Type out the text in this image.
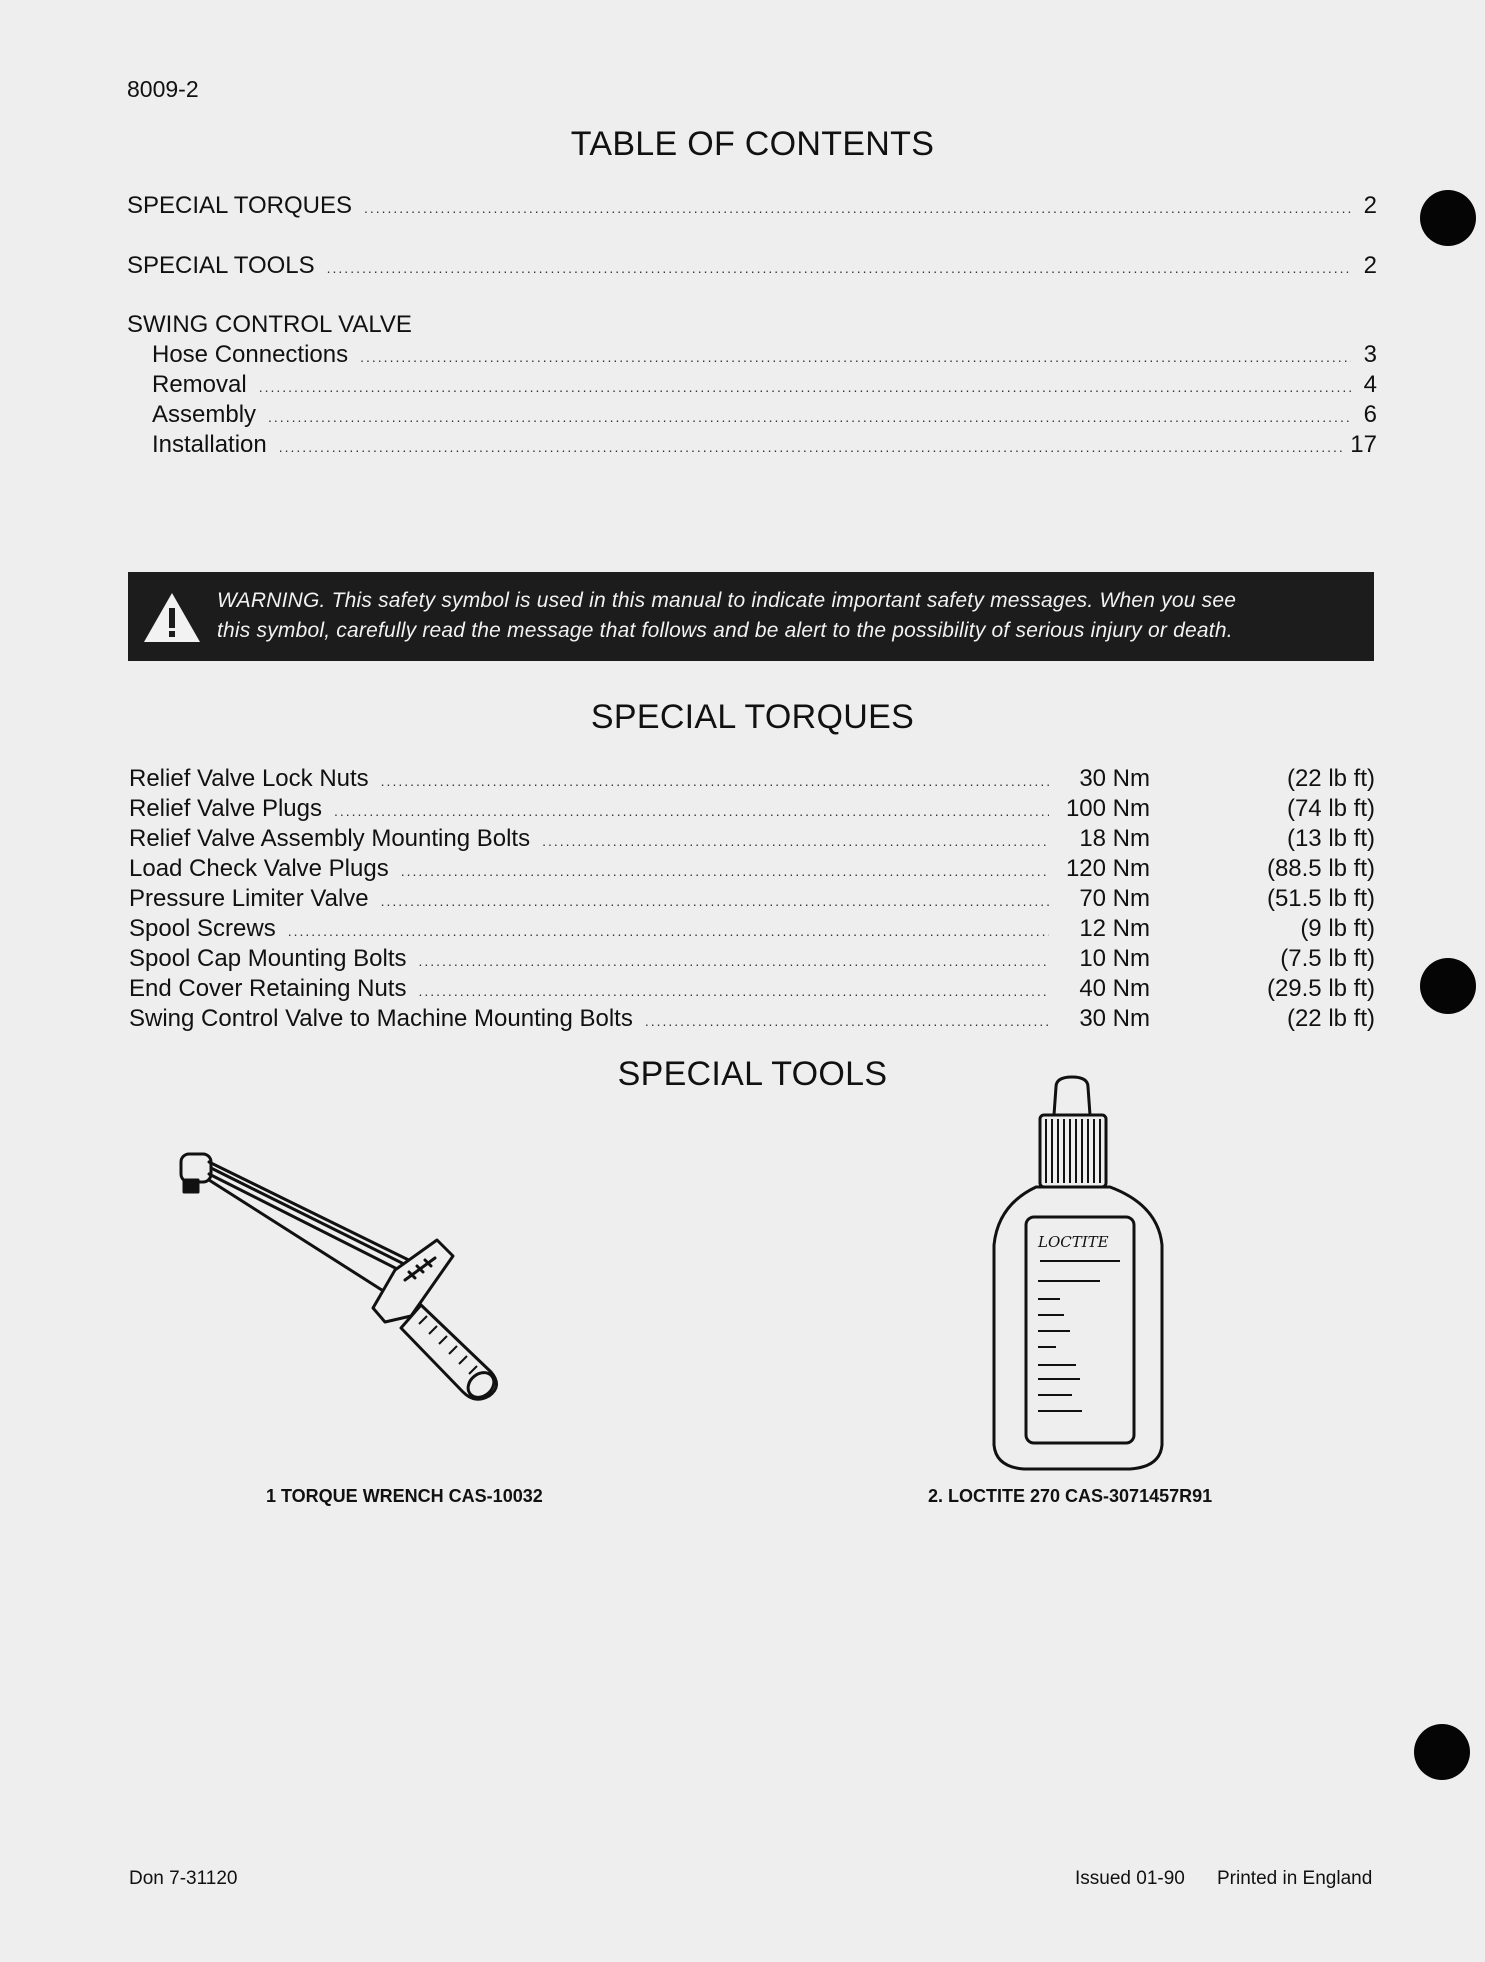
8009-2
TABLE OF CONTENTS
SPECIAL TORQUES .....	2
SPECIAL TOOLS .....	2
SWING CONTROL VALVE
Hose Connections .....	3
Removal .....	4
Assembly .....	6
Installation .....	17
WARNING. This safety symbol is used in this manual to indicate important safety messages. When you see
this symbol, carefully read the message that follows and be alert to the possibility of serious injury or death.
SPECIAL TORQUES
Relief Valve Lock Nuts .....	30 Nm	(22 lb ft)
Relief Valve Plugs .....	100 Nm	(74 lb ft)
Relief Valve Assembly Mounting Bolts .....	18 Nm	(13 lb ft)
Load Check Valve Plugs .....	120 Nm	(88.5 lb ft)
Pressure Limiter Valve .....	70 Nm	(51.5 lb ft)
Spool Screws .....	12 Nm	(9 lb ft)
Spool Cap Mounting Bolts .....	10 Nm	(7.5 lb ft)
End Cover Retaining Nuts .....	40 Nm	(29.5 lb ft)
Swing Control Valve to Machine Mounting Bolts .....	30 Nm	(22 lb ft)
SPECIAL TOOLS
LOCTITE
1 TORQUE WRENCH CAS-10032	2. LOCTITE 270 CAS-3071457R91
Don 7-31120	Issued 01-90 Printed in England
